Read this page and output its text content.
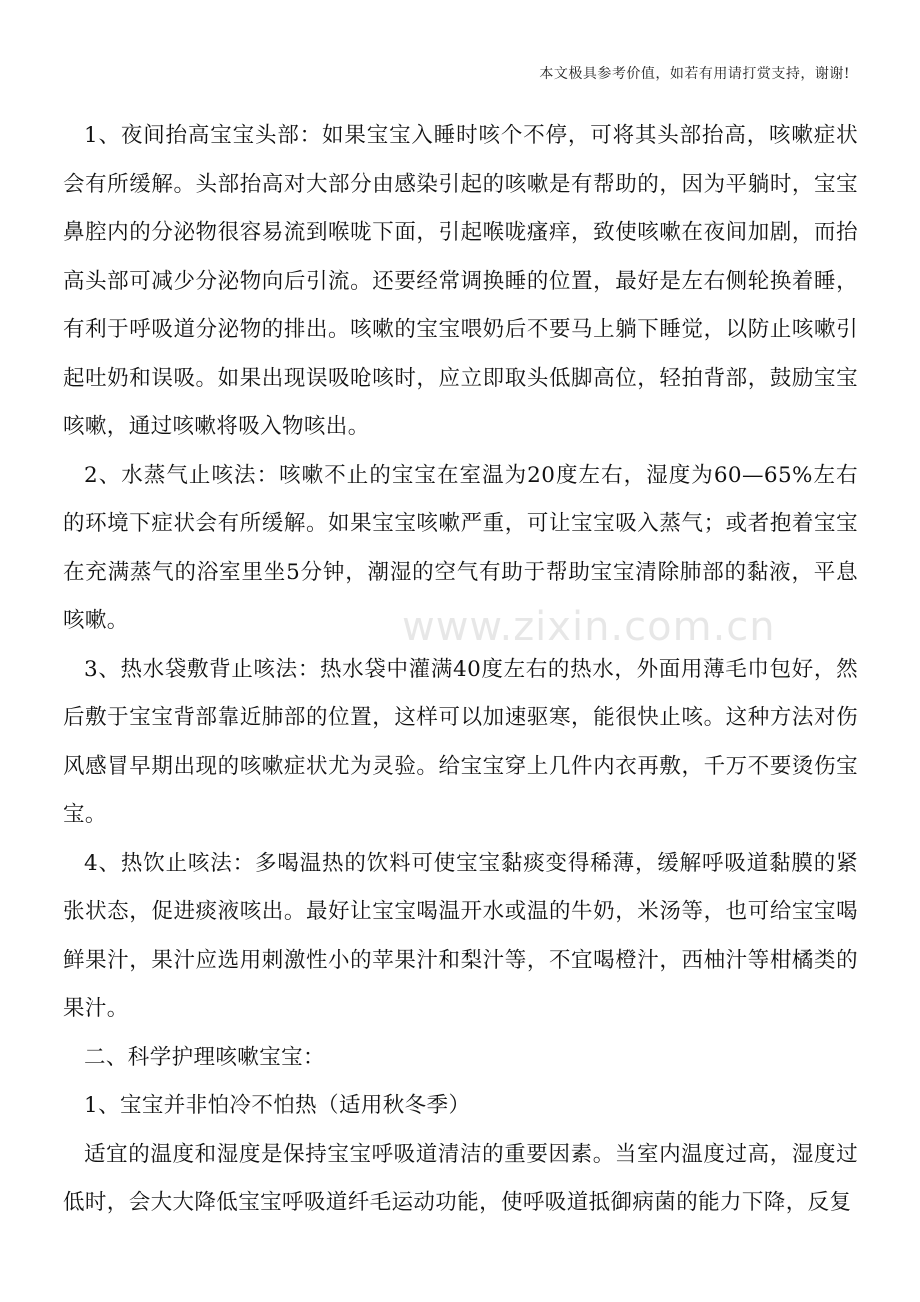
本文极具参考价值，如若有用请打赏支持，谢谢!

1、夜间抬高宝宝头部：如果宝宝入睡时咳个不停，可将其头部抬高，咳嗽症状会有所缓解。头部抬高对大部分由感染引起的咳嗽是有帮助的，因为平躺时，宝宝鼻腔内的分泌物很容易流到喉咙下面，引起喉咙瘙痒，致使咳嗽在夜间加剧，而抬高头部可减少分泌物向后引流。还要经常调换睡的位置，最好是左右侧轮换着睡，有利于呼吸道分泌物的排出。咳嗽的宝宝喂奶后不要马上躺下睡觉，以防止咳嗽引起吐奶和误吸。如果出现误吸呛咳时，应立即取头低脚高位，轻拍背部，鼓励宝宝咳嗽，通过咳嗽将吸入物咳出。

2、水蒸气止咳法：咳嗽不止的宝宝在室温为20度左右，湿度为60—65%左右的环境下症状会有所缓解。如果宝宝咳嗽严重，可让宝宝吸入蒸气；或者抱着宝宝在充满蒸气的浴室里坐5分钟，潮湿的空气有助于帮助宝宝清除肺部的黏液，平息咳嗽。

3、热水袋敷背止咳法：热水袋中灌满40度左右的热水，外面用薄毛巾包好，然后敷于宝宝背部靠近肺部的位置，这样可以加速驱寒，能很快止咳。这种方法对伤风感冒早期出现的咳嗽症状尤为灵验。给宝宝穿上几件内衣再敷，千万不要烫伤宝宝。

4、热饮止咳法：多喝温热的饮料可使宝宝黏痰变得稀薄，缓解呼吸道黏膜的紧张状态，促进痰液咳出。最好让宝宝喝温开水或温的牛奶，米汤等，也可给宝宝喝鲜果汁，果汁应选用刺激性小的苹果汁和梨汁等，不宜喝橙汁，西柚汁等柑橘类的果汁。

二、科学护理咳嗽宝宝：

1、宝宝并非怕冷不怕热（适用秋冬季）

适宜的温度和湿度是保持宝宝呼吸道清洁的重要因素。当室内温度过高，湿度过低时，会大大降低宝宝呼吸道纤毛运动功能，使呼吸道抵御病菌的能力下降，反复

www.zixin.com.cn
